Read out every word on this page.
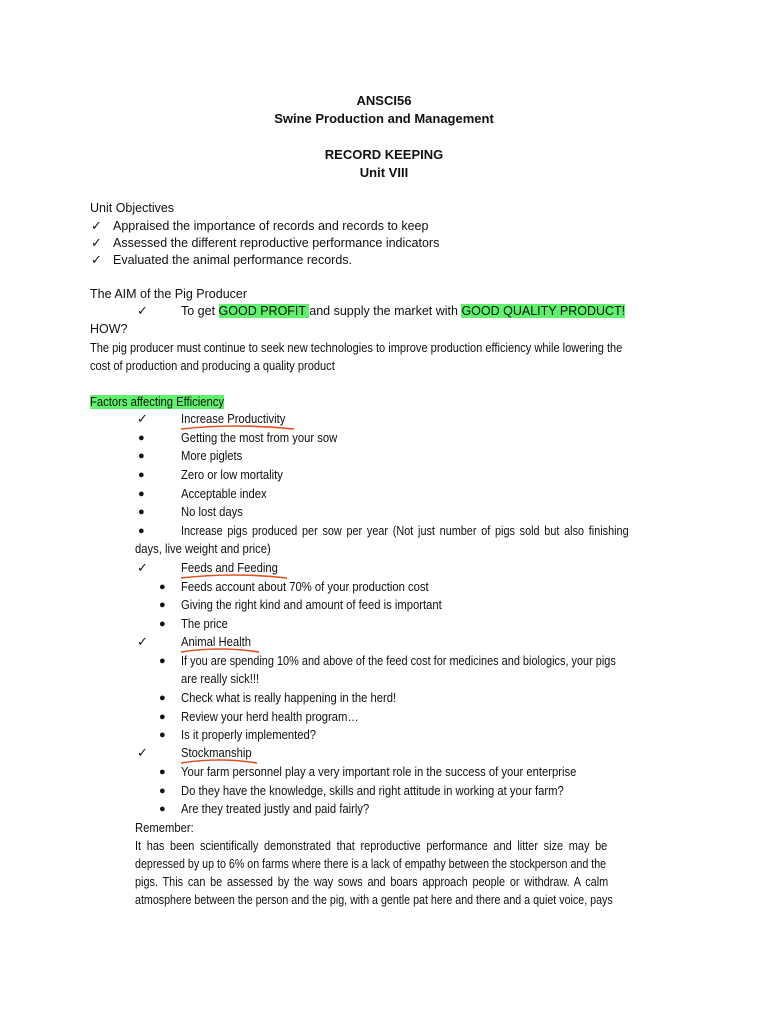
ANSCI56
Swine Production and Management
RECORD KEEPING
Unit VIII
Unit Objectives
✓ Appraised the importance of records and records to keep
✓ Assessed the different reproductive performance indicators
✓ Evaluated the animal performance records.
The AIM of the Pig Producer
✓	To get GOOD PROFIT and supply the market with GOOD QUALITY PRODUCT!
HOW?
The pig producer must continue to seek new technologies to improve production efficiency while lowering the
cost of production and producing a quality product
Factors affecting Efficiency
✓	Increase Productivity
●	Getting the most from your sow
●	More piglets
●	Zero or low mortality
●	Acceptable index
●	No lost days
●	Increase pigs produced per sow per year (Not just number of pigs sold but also finishing
days, live weight and price)
✓	Feeds and Feeding
● Feeds account about 70% of your production cost
● Giving the right kind and amount of feed is important
● The price
✓	Animal Health
● If you are spending 10% and above of the feed cost for medicines and biologics, your pigs
are really sick!!!
● Check what is really happening in the herd!
● Review your herd health program…
● Is it properly implemented?
✓	Stockmanship
● Your farm personnel play a very important role in the success of your enterprise
● Do they have the knowledge, skills and right attitude in working at your farm?
● Are they treated justly and paid fairly?
Remember:
It has been scientifically demonstrated that reproductive performance and litter size may be
depressed by up to 6% on farms where there is a lack of empathy between the stockperson and the
pigs. This can be assessed by the way sows and boars approach people or withdraw. A calm
atmosphere between the person and the pig, with a gentle pat here and there and a quiet voice, pays
